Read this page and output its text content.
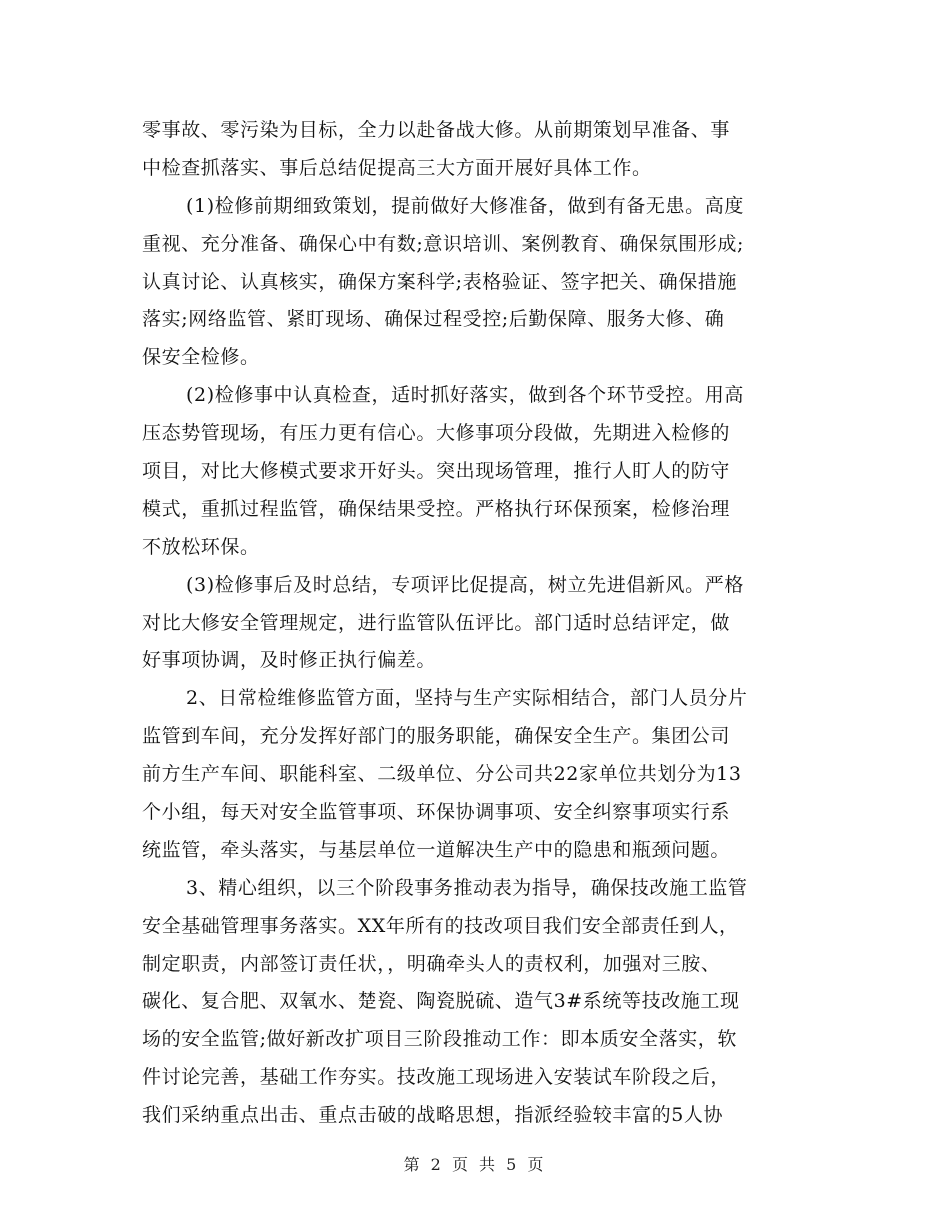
零事故、零污染为目标，全力以赴备战大修。从前期策划早准备、事
中检查抓落实、事后总结促提高三大方面开展好具体工作。
(1)检修前期细致策划，提前做好大修准备，做到有备无患。高度
重视、充分准备、确保心中有数;意识培训、案例教育、确保氛围形成;
认真讨论、认真核实，确保方案科学;表格验证、签字把关、确保措施
落实;网络监管、紧盯现场、确保过程受控;后勤保障、服务大修、确
保安全检修。
(2)检修事中认真检查，适时抓好落实，做到各个环节受控。用高
压态势管现场，有压力更有信心。大修事项分段做，先期进入检修的
项目，对比大修模式要求开好头。突出现场管理，推行人盯人的防守
模式，重抓过程监管，确保结果受控。严格执行环保预案，检修治理
不放松环保。
(3)检修事后及时总结，专项评比促提高，树立先进倡新风。严格
对比大修安全管理规定，进行监管队伍评比。部门适时总结评定，做
好事项协调，及时修正执行偏差。
2、日常检维修监管方面，坚持与生产实际相结合，部门人员分片
监管到车间，充分发挥好部门的服务职能，确保安全生产。集团公司
前方生产车间、职能科室、二级单位、分公司共22家单位共划分为13
个小组，每天对安全监管事项、环保协调事项、安全纠察事项实行系
统监管，牵头落实，与基层单位一道解决生产中的隐患和瓶颈问题。
3、精心组织，以三个阶段事务推动表为指导，确保技改施工监管
安全基础管理事务落实。XX年所有的技改项目我们安全部责任到人，
制定职责，内部签订责任状，，明确牵头人的责权利，加强对三胺、
碳化、复合肥、双氧水、楚瓷、陶瓷脱硫、造气3#系统等技改施工现
场的安全监管;做好新改扩项目三阶段推动工作：即本质安全落实，软
件讨论完善，基础工作夯实。技改施工现场进入安装试车阶段之后，
我们采纳重点出击、重点击破的战略思想，指派经验较丰富的5人协
第 2 页 共 5 页
